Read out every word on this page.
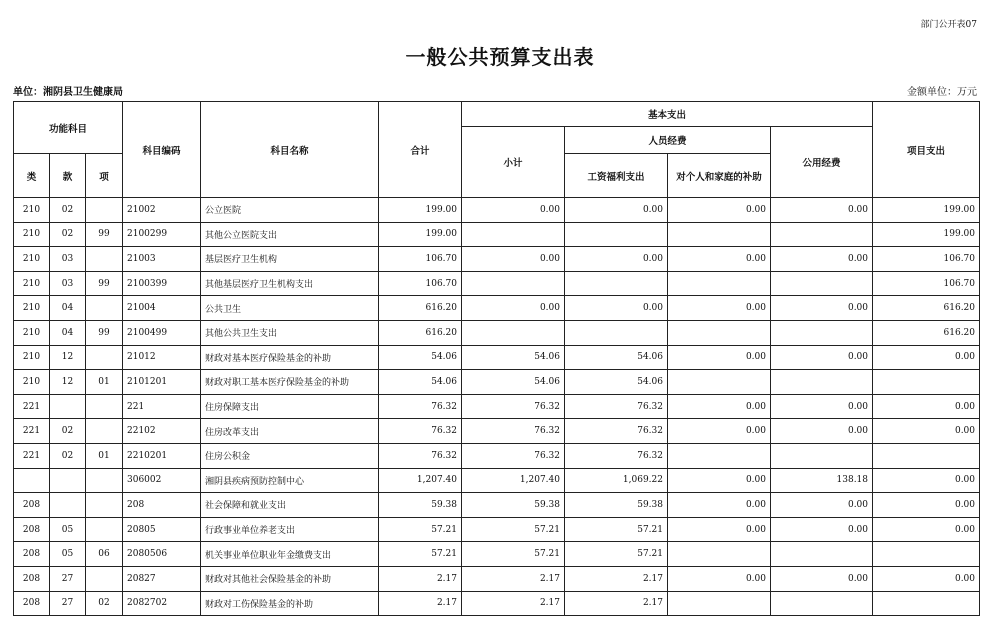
部门公开表07
一般公共预算支出表
单位：湘阴县卫生健康局	金额单位：万元
功能科目			科目编码	科目名称	合计	基本支出				项目支出
						小计	人员经费		公用经费	
类	款	项					工资福利支出	对个人和家庭的补助		
210	02		21002	公立医院	199.00	0.00	0.00	0.00	0.00	199.00
210	02	99	2100299	其他公立医院支出	199.00					199.00
210	03		21003	基层医疗卫生机构	106.70	0.00	0.00	0.00	0.00	106.70
210	03	99	2100399	其他基层医疗卫生机构支出	106.70					106.70
210	04		21004	公共卫生	616.20	0.00	0.00	0.00	0.00	616.20
210	04	99	2100499	其他公共卫生支出	616.20					616.20
210	12		21012	财政对基本医疗保险基金的补助	54.06	54.06	54.06	0.00	0.00	0.00
210	12	01	2101201	财政对职工基本医疗保险基金的补助	54.06	54.06	54.06			
221			221	住房保障支出	76.32	76.32	76.32	0.00	0.00	0.00
221	02		22102	住房改革支出	76.32	76.32	76.32	0.00	0.00	0.00
221	02	01	2210201	住房公积金	76.32	76.32	76.32			
			306002	湘阴县疾病预防控制中心	1,207.40	1,207.40	1,069.22	0.00	138.18	0.00
208			208	社会保障和就业支出	59.38	59.38	59.38	0.00	0.00	0.00
208	05		20805	行政事业单位养老支出	57.21	57.21	57.21	0.00	0.00	0.00
208	05	06	2080506	机关事业单位职业年金缴费支出	57.21	57.21	57.21			
208	27		20827	财政对其他社会保险基金的补助	2.17	2.17	2.17	0.00	0.00	0.00
208	27	02	2082702	财政对工伤保险基金的补助	2.17	2.17	2.17			
